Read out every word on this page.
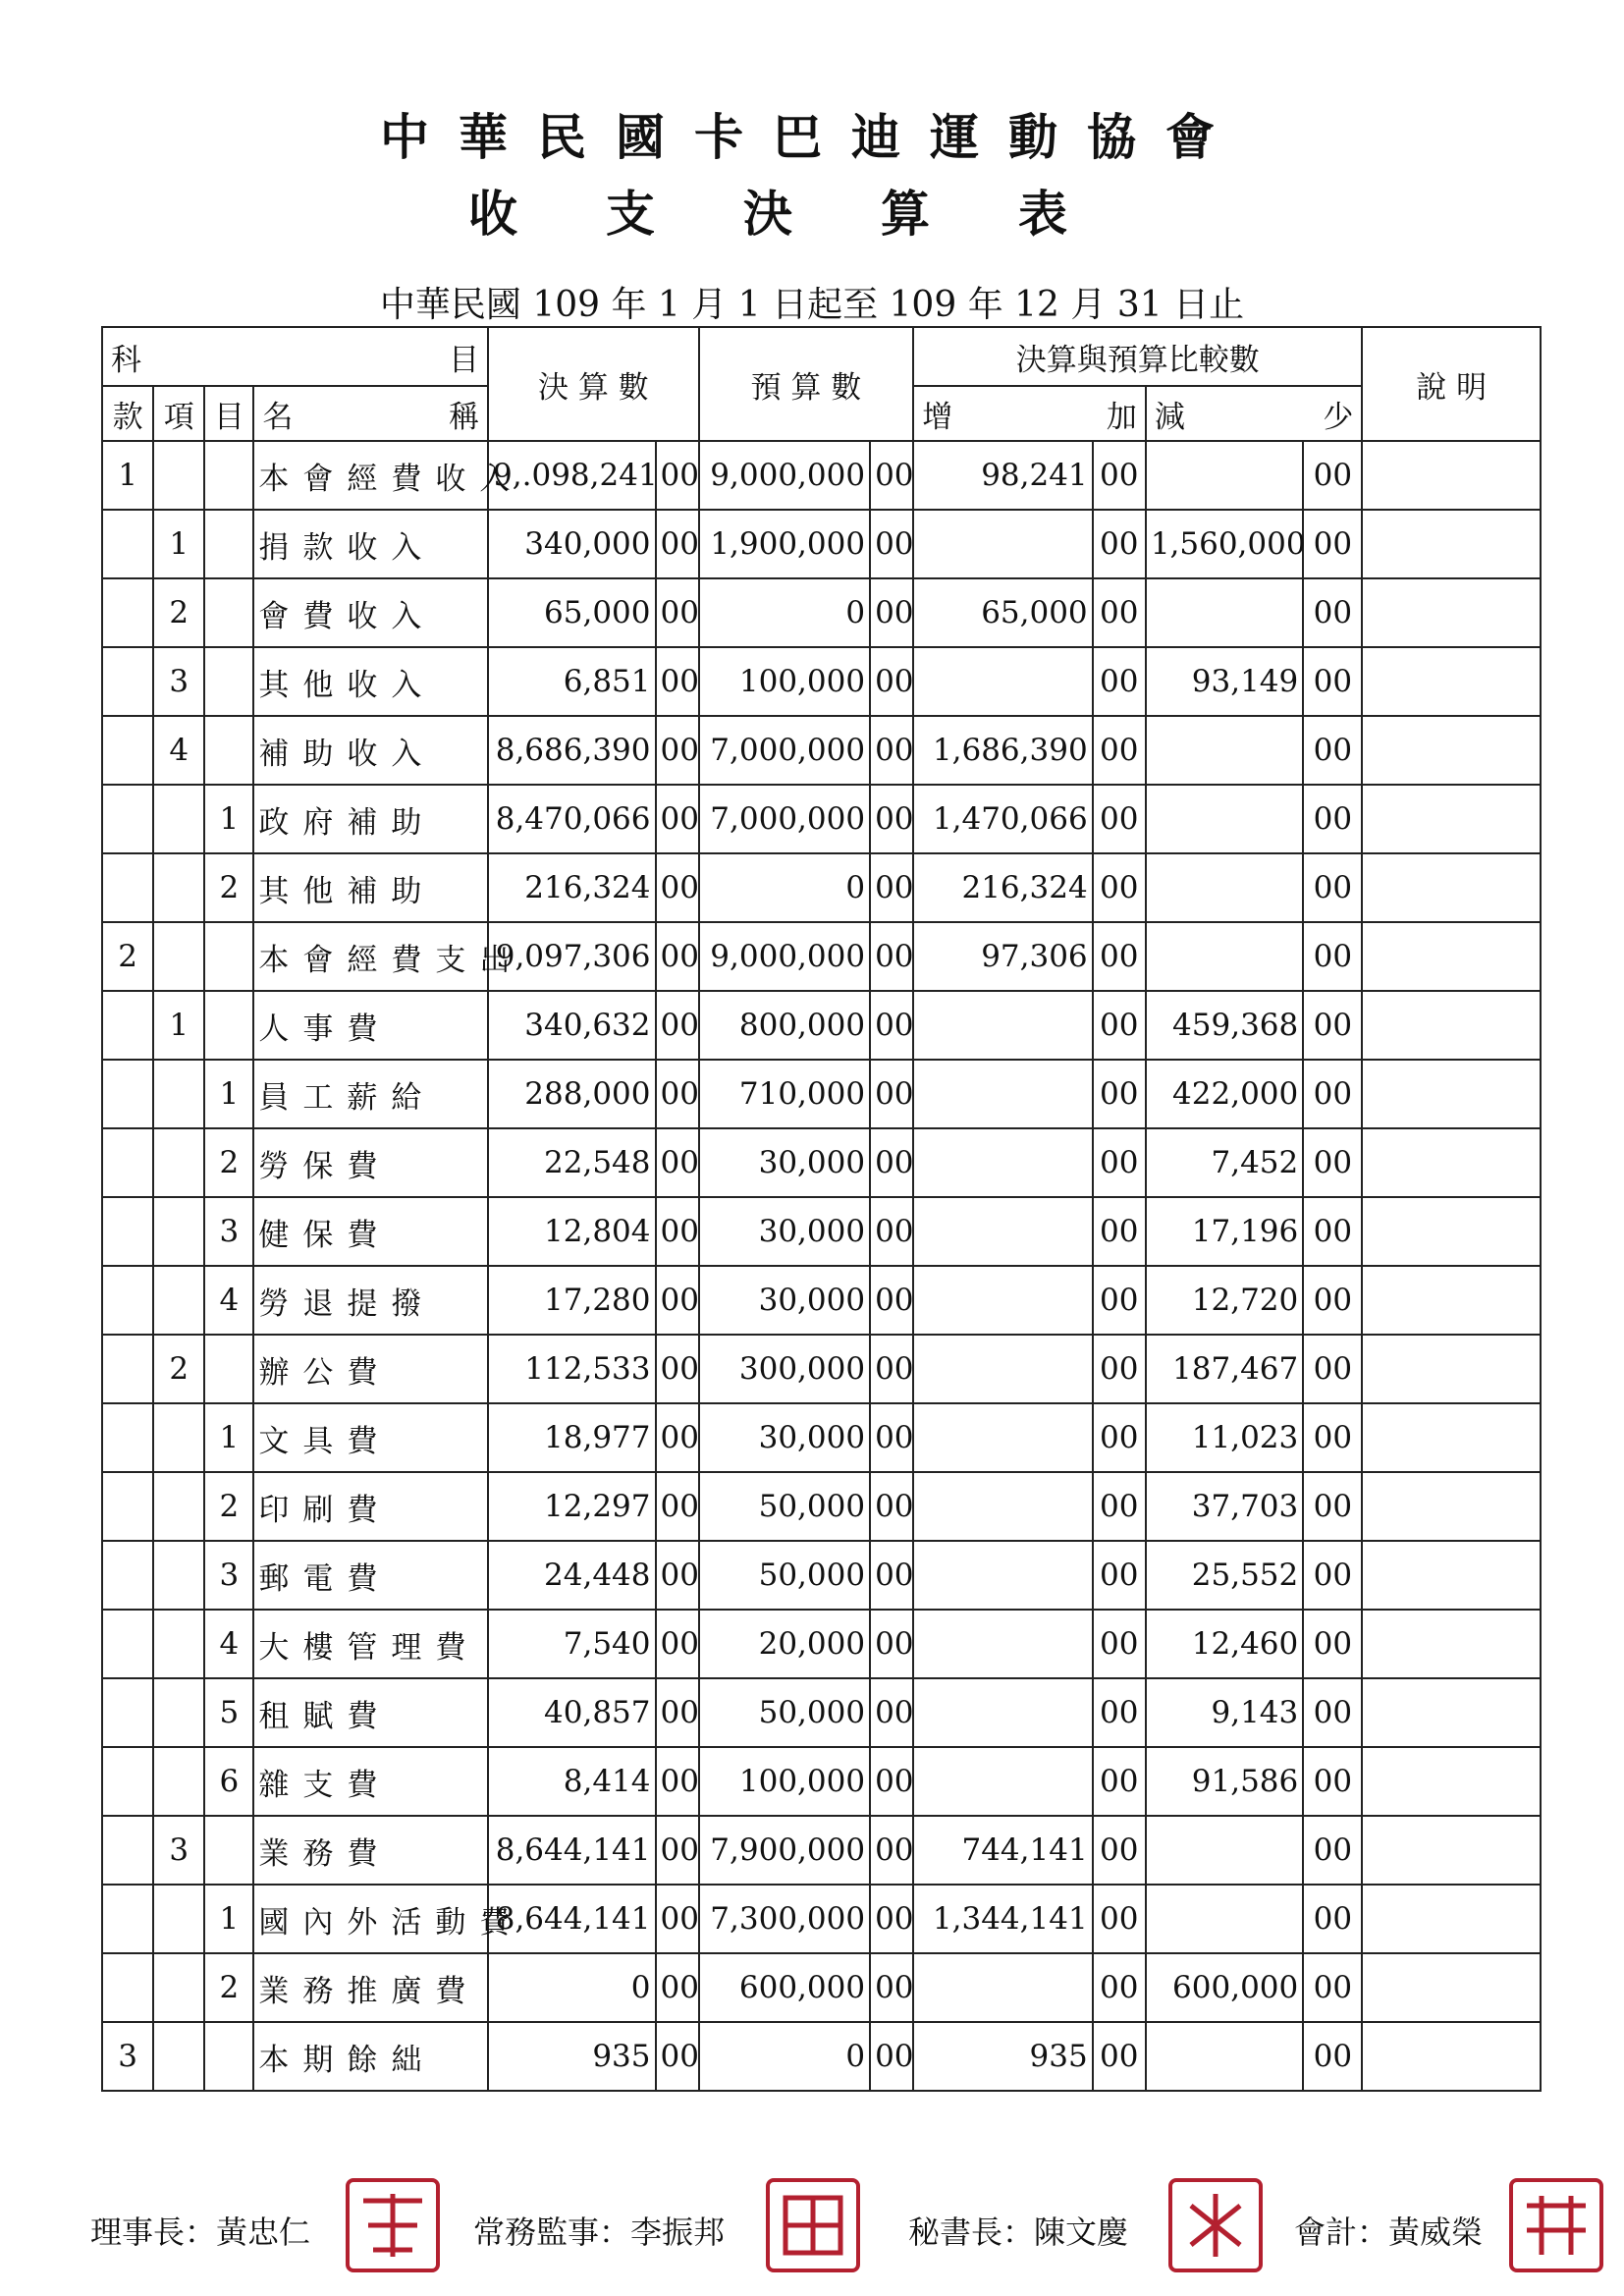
中華民國卡巴迪運動協會
收支決算表
中華民國 109 年 1 月 1 日起至 109 年 12 月 31 日止
科 目				決 算 數		預 算 數		決算與預算比較數				說 明
款	項	目	名 稱					增 加		減 少		

1			本會經費收入	9,.098,241	00	9,000,000	00	98,241	00		00	
	1		捐款收入	340,000	00	1,900,000	00		00	1,560,000	00	
	2		會費收入	65,000	00	0	00	65,000	00		00	
	3		其他收入	6,851	00	100,000	00		00	93,149	00	
	4		補助收入	8,686,390	00	7,000,000	00	1,686,390	00		00	
		1	政府補助	8,470,066	00	7,000,000	00	1,470,066	00		00	
		2	其他補助	216,324	00	0	00	216,324	00		00	
2			本會經費支出	9,097,306	00	9,000,000	00	97,306	00		00	
	1		人事費	340,632	00	800,000	00		00	459,368	00	
		1	員工薪給	288,000	00	710,000	00		00	422,000	00	
		2	勞保費	22,548	00	30,000	00		00	7,452	00	
		3	健保費	12,804	00	30,000	00		00	17,196	00	
		4	勞退提撥	17,280	00	30,000	00		00	12,720	00	
	2		辦公費	112,533	00	300,000	00		00	187,467	00	
		1	文具費	18,977	00	30,000	00		00	11,023	00	
		2	印刷費	12,297	00	50,000	00		00	37,703	00	
		3	郵電費	24,448	00	50,000	00		00	25,552	00	
		4	大樓管理費	7,540	00	20,000	00		00	12,460	00	
		5	租賦費	40,857	00	50,000	00		00	9,143	00	
		6	雜支費	8,414	00	100,000	00		00	91,586	00	
	3		業務費	8,644,141	00	7,900,000	00	744,141	00		00	
		1	國內外活動費	8,644,141	00	7,300,000	00	1,344,141	00		00	
		2	業務推廣費	0	00	600,000	00		00	600,000	00	
3			本期餘絀	935	00	0	00	935	00		00	
理事長：黃忠仁	常務監事：李振邦	秘書長：陳文慶	會計：黃威榮
